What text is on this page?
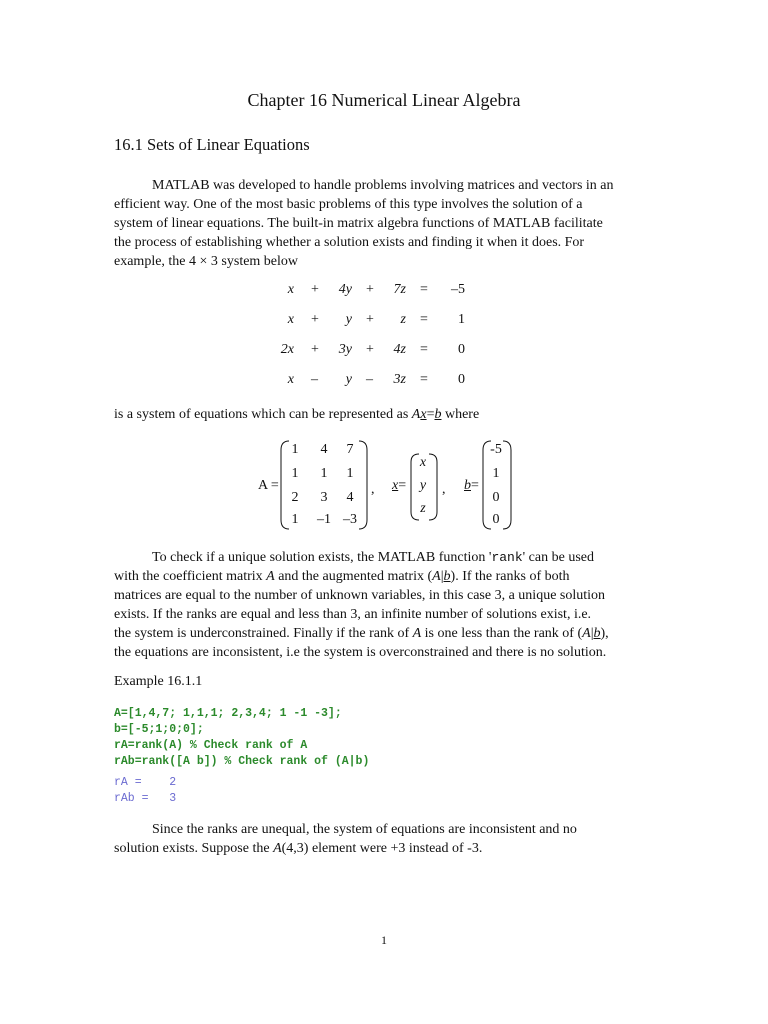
Chapter 16 Numerical Linear Algebra
16.1 Sets of Linear Equations

MATLAB was developed to handle problems involving matrices and vectors in an

efficient way. One of the most basic problems of this type involves the solution of a

system of linear equations. The built-in matrix algebra functions of MATLAB facilitate

the process of establishing whether a solution exists and finding it when it does. For

example, the 4 × 3 system below

x +	4y +	7z =	–5
x +	y +	z =	1
2x +	3y +	4z =	0
x –	y –	3z =	0
is a system of equations which can be represented as Ax=b where
A =
1	4	7
1	1	1
2	3	4
1	–1 –3
, x=
x
y
z
, b=
-5
1
0
0

To check if a unique solution exists, the MATLAB function 'rank' can be used

with the coefficient matrix A and the augmented matrix (A|b). If the ranks of both

matrices are equal to the number of unknown variables, in this case 3, a unique solution

exists. If the ranks are equal and less than 3, an infinite number of solutions exist, i.e.

the system is underconstrained. Finally if the rank of A is one less than the rank of (A|b),

the equations are inconsistent, i.e the system is overconstrained and there is no solution.

Example 16.1.1
A=[1,4,7; 1,1,1; 2,3,4; 1 -1 -3];
b=[-5;1;0;0];
rA=rank(A) % Check rank of A
rAb=rank([A b]) % Check rank of (A|b)
rA =    2
rAb =   3

Since the ranks are unequal, the system of equations are inconsistent and no

solution exists. Suppose the A(4,3) element were +3 instead of -3.

1
